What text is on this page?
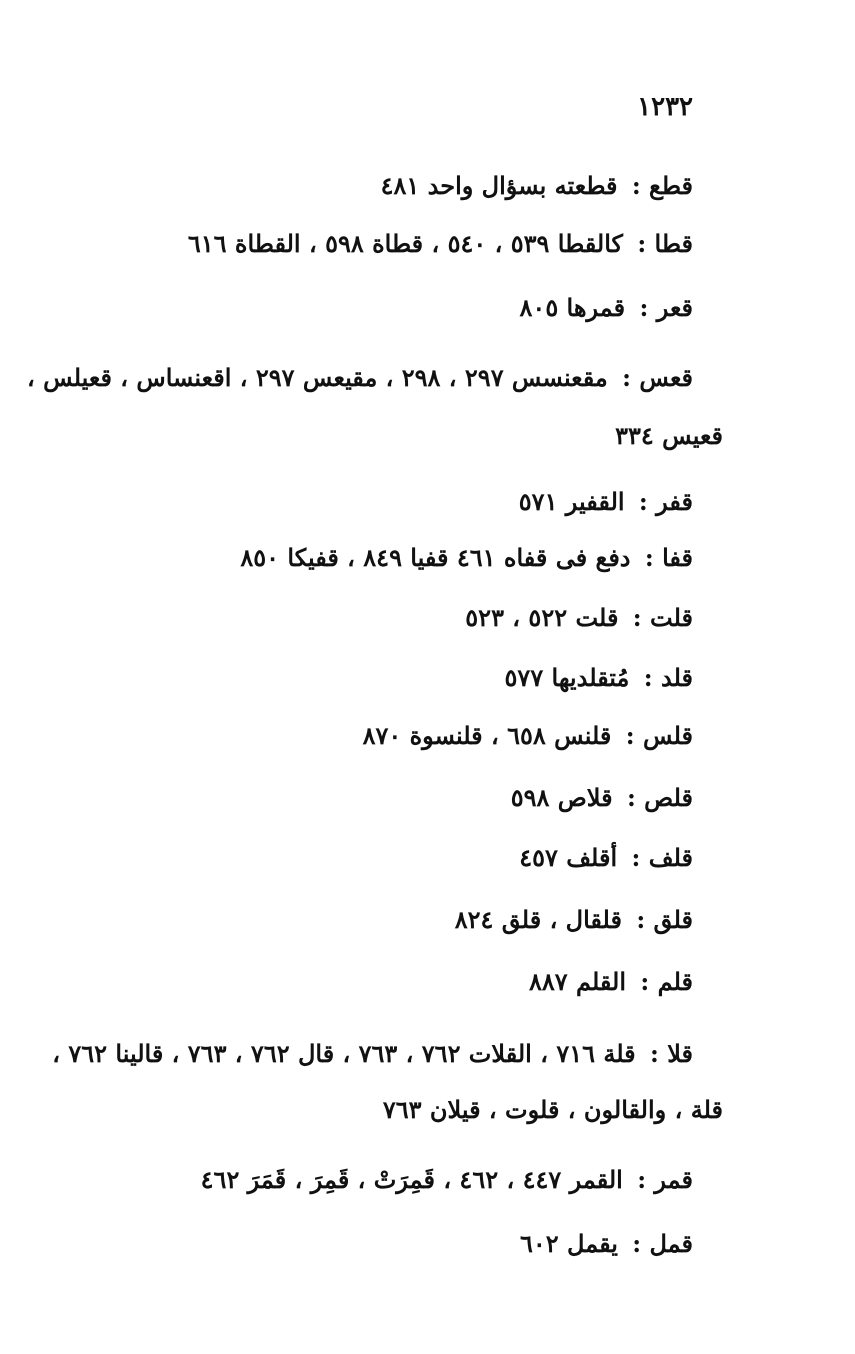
١٢٣٢
قطع : قطعته بسؤال واحد ٤٨١
قطا : كالقطا ٥٣٩ ، ٥٤٠ ، قطاة ٥٩٨ ، القطاة ٦١٦
قعر : قمرها ٨٠٥
قعس : مقعنسس ٢٩٧ ، ٢٩٨ ، مقيعس ٢٩٧ ، اقعنساس ، قعيلس ،
قعيس ٣٣٤
قفر : القفير ٥٧١
قفا : دفع فى قفاه ٤٦١ قفيا ٨٤٩ ، قفيكا ٨٥٠
قلت : قلت ٥٢٢ ، ٥٢٣
قلد : مُتقلديها ٥٧٧
قلس : قلنس ٦٥٨ ، قلنسوة ٨٧٠
قلص : قلاص ٥٩٨
قلف : أقلف ٤٥٧
قلق : قلقال ، قلق ٨٢٤
قلم : القلم ٨٨٧
قلا : قلة ٧١٦ ، القلات ٧٦٢ ، ٧٦٣ ، قال ٧٦٢ ، ٧٦٣ ، قالينا ٧٦٢ ،
قلة ، والقالون ، قلوت ، قيلان ٧٦٣
قمر : القمر ٤٤٧ ، ٤٦٢ ، قَمِرَتْ ، قَمِرَ ، قَمَرَ ٤٦٢
قمل : يقمل ٦٠٢
